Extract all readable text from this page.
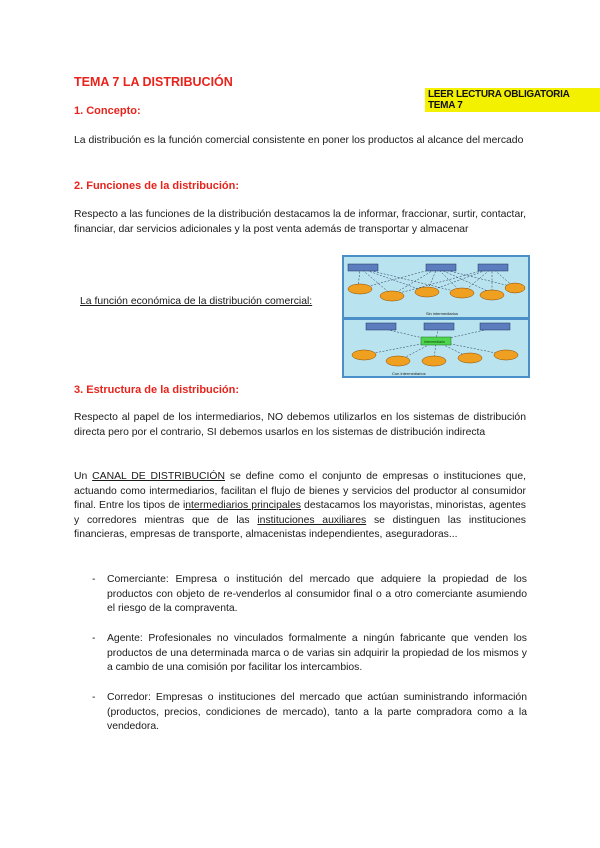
TEMA 7 LA DISTRIBUCIÓN
LEER LECTURA OBLIGATORIA TEMA 7
1. Concepto:
La distribución es la función comercial consistente en poner los productos al alcance del mercado
2. Funciones de la distribución:
Respecto a las funciones de la distribución destacamos la de informar, fraccionar, surtir, contactar, financiar, dar servicios adicionales y la post venta además de transportar y almacenar
La función económica de la distribución comercial:
Sin intermediarios
Intermediario
Con intermediarios
3. Estructura de la distribución:
Respecto al papel de los intermediarios, NO debemos utilizarlos en los sistemas de distribución directa pero por el contrario, SI debemos usarlos en los sistemas de distribución indirecta
Un CANAL DE DISTRIBUCIÓN se define como el conjunto de empresas o instituciones que, actuando como intermediarios, facilitan el flujo de bienes y servicios del productor al consumidor final. Entre los tipos de intermediarios principales destacamos los mayoristas, minoristas, agentes y corredores mientras que de las instituciones auxiliares se distinguen las instituciones financieras, empresas de transporte, almacenistas independientes, aseguradoras...
- Comerciante: Empresa o institución del mercado que adquiere la propiedad de los productos con objeto de re-venderlos al consumidor final o a otro comerciante asumiendo el riesgo de la compraventa.
- Agente: Profesionales no vinculados formalmente a ningún fabricante que venden los productos de una determinada marca o de varias sin adquirir la propiedad de los mismos y a cambio de una comisión por facilitar los intercambios.
- Corredor: Empresas o instituciones del mercado que actúan suministrando información (productos, precios, condiciones de mercado), tanto a la parte compradora como a la vendedora.
